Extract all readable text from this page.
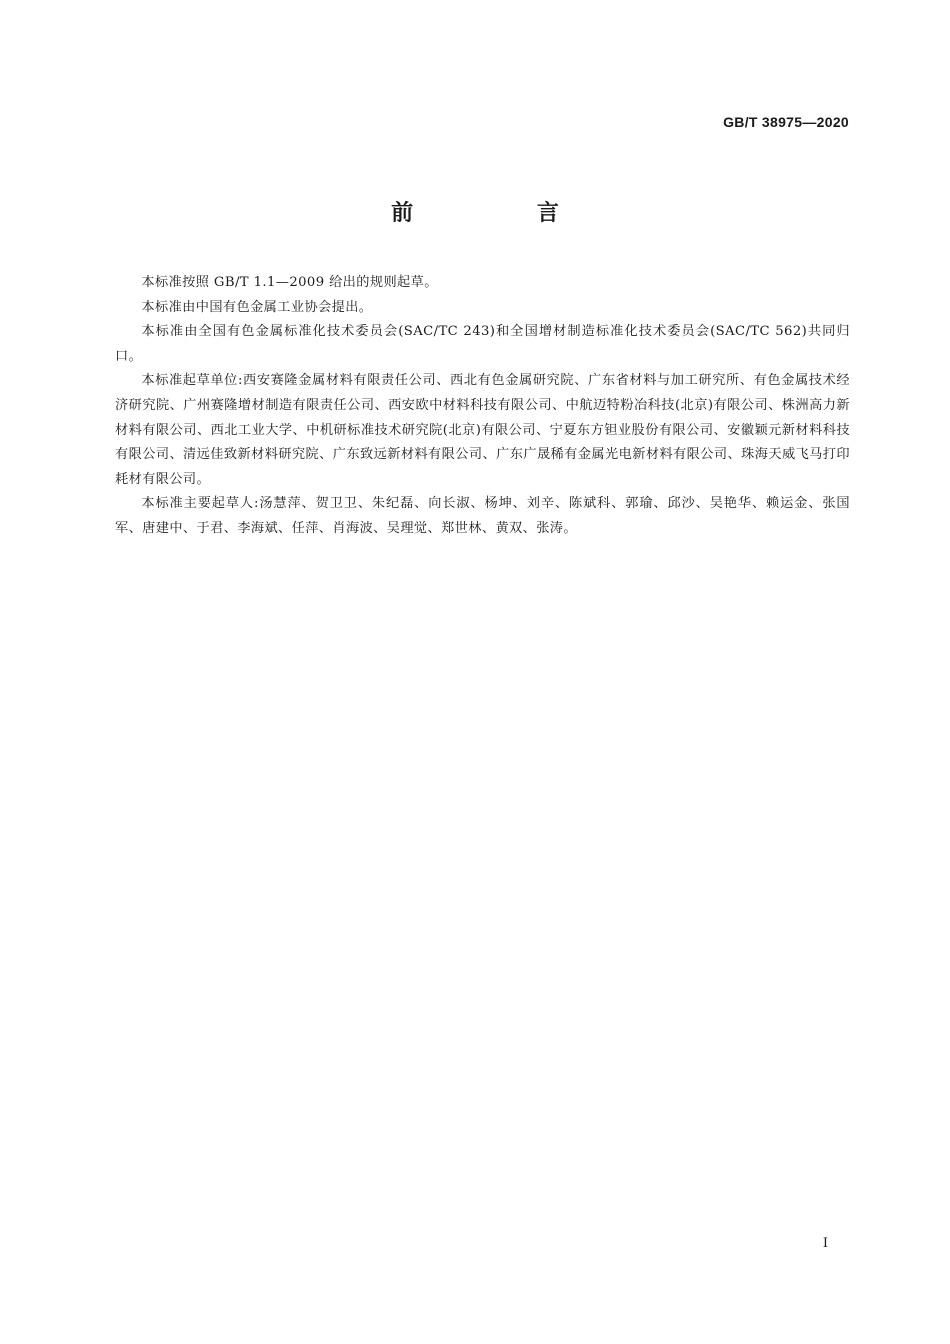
GB/T 38975—2020
前 言

本标准按照 GB/T 1.1—2009 给出的规则起草。

本标准由中国有色金属工业协会提出。

本标准由全国有色金属标准化技术委员会(SAC/TC 243)和全国增材制造标准化技术委员会(SAC/TC 562)共同归口。

本标准起草单位:西安赛隆金属材料有限责任公司、西北有色金属研究院、广东省材料与加工研究所、有色金属技术经济研究院、广州赛隆增材制造有限责任公司、西安欧中材料科技有限公司、中航迈特粉冶科技(北京)有限公司、株洲高力新材料有限公司、西北工业大学、中机研标准技术研究院(北京)有限公司、宁夏东方钽业股份有限公司、安徽颖元新材料科技有限公司、清远佳致新材料研究院、广东致远新材料有限公司、广东广晟稀有金属光电新材料有限公司、珠海天威飞马打印耗材有限公司。

本标准主要起草人:汤慧萍、贺卫卫、朱纪磊、向长淑、杨坤、刘辛、陈斌科、郭瑜、邱沙、吴艳华、赖运金、张国军、唐建中、于君、李海斌、任萍、肖海波、吴理觉、郑世林、黄双、张涛。

I
